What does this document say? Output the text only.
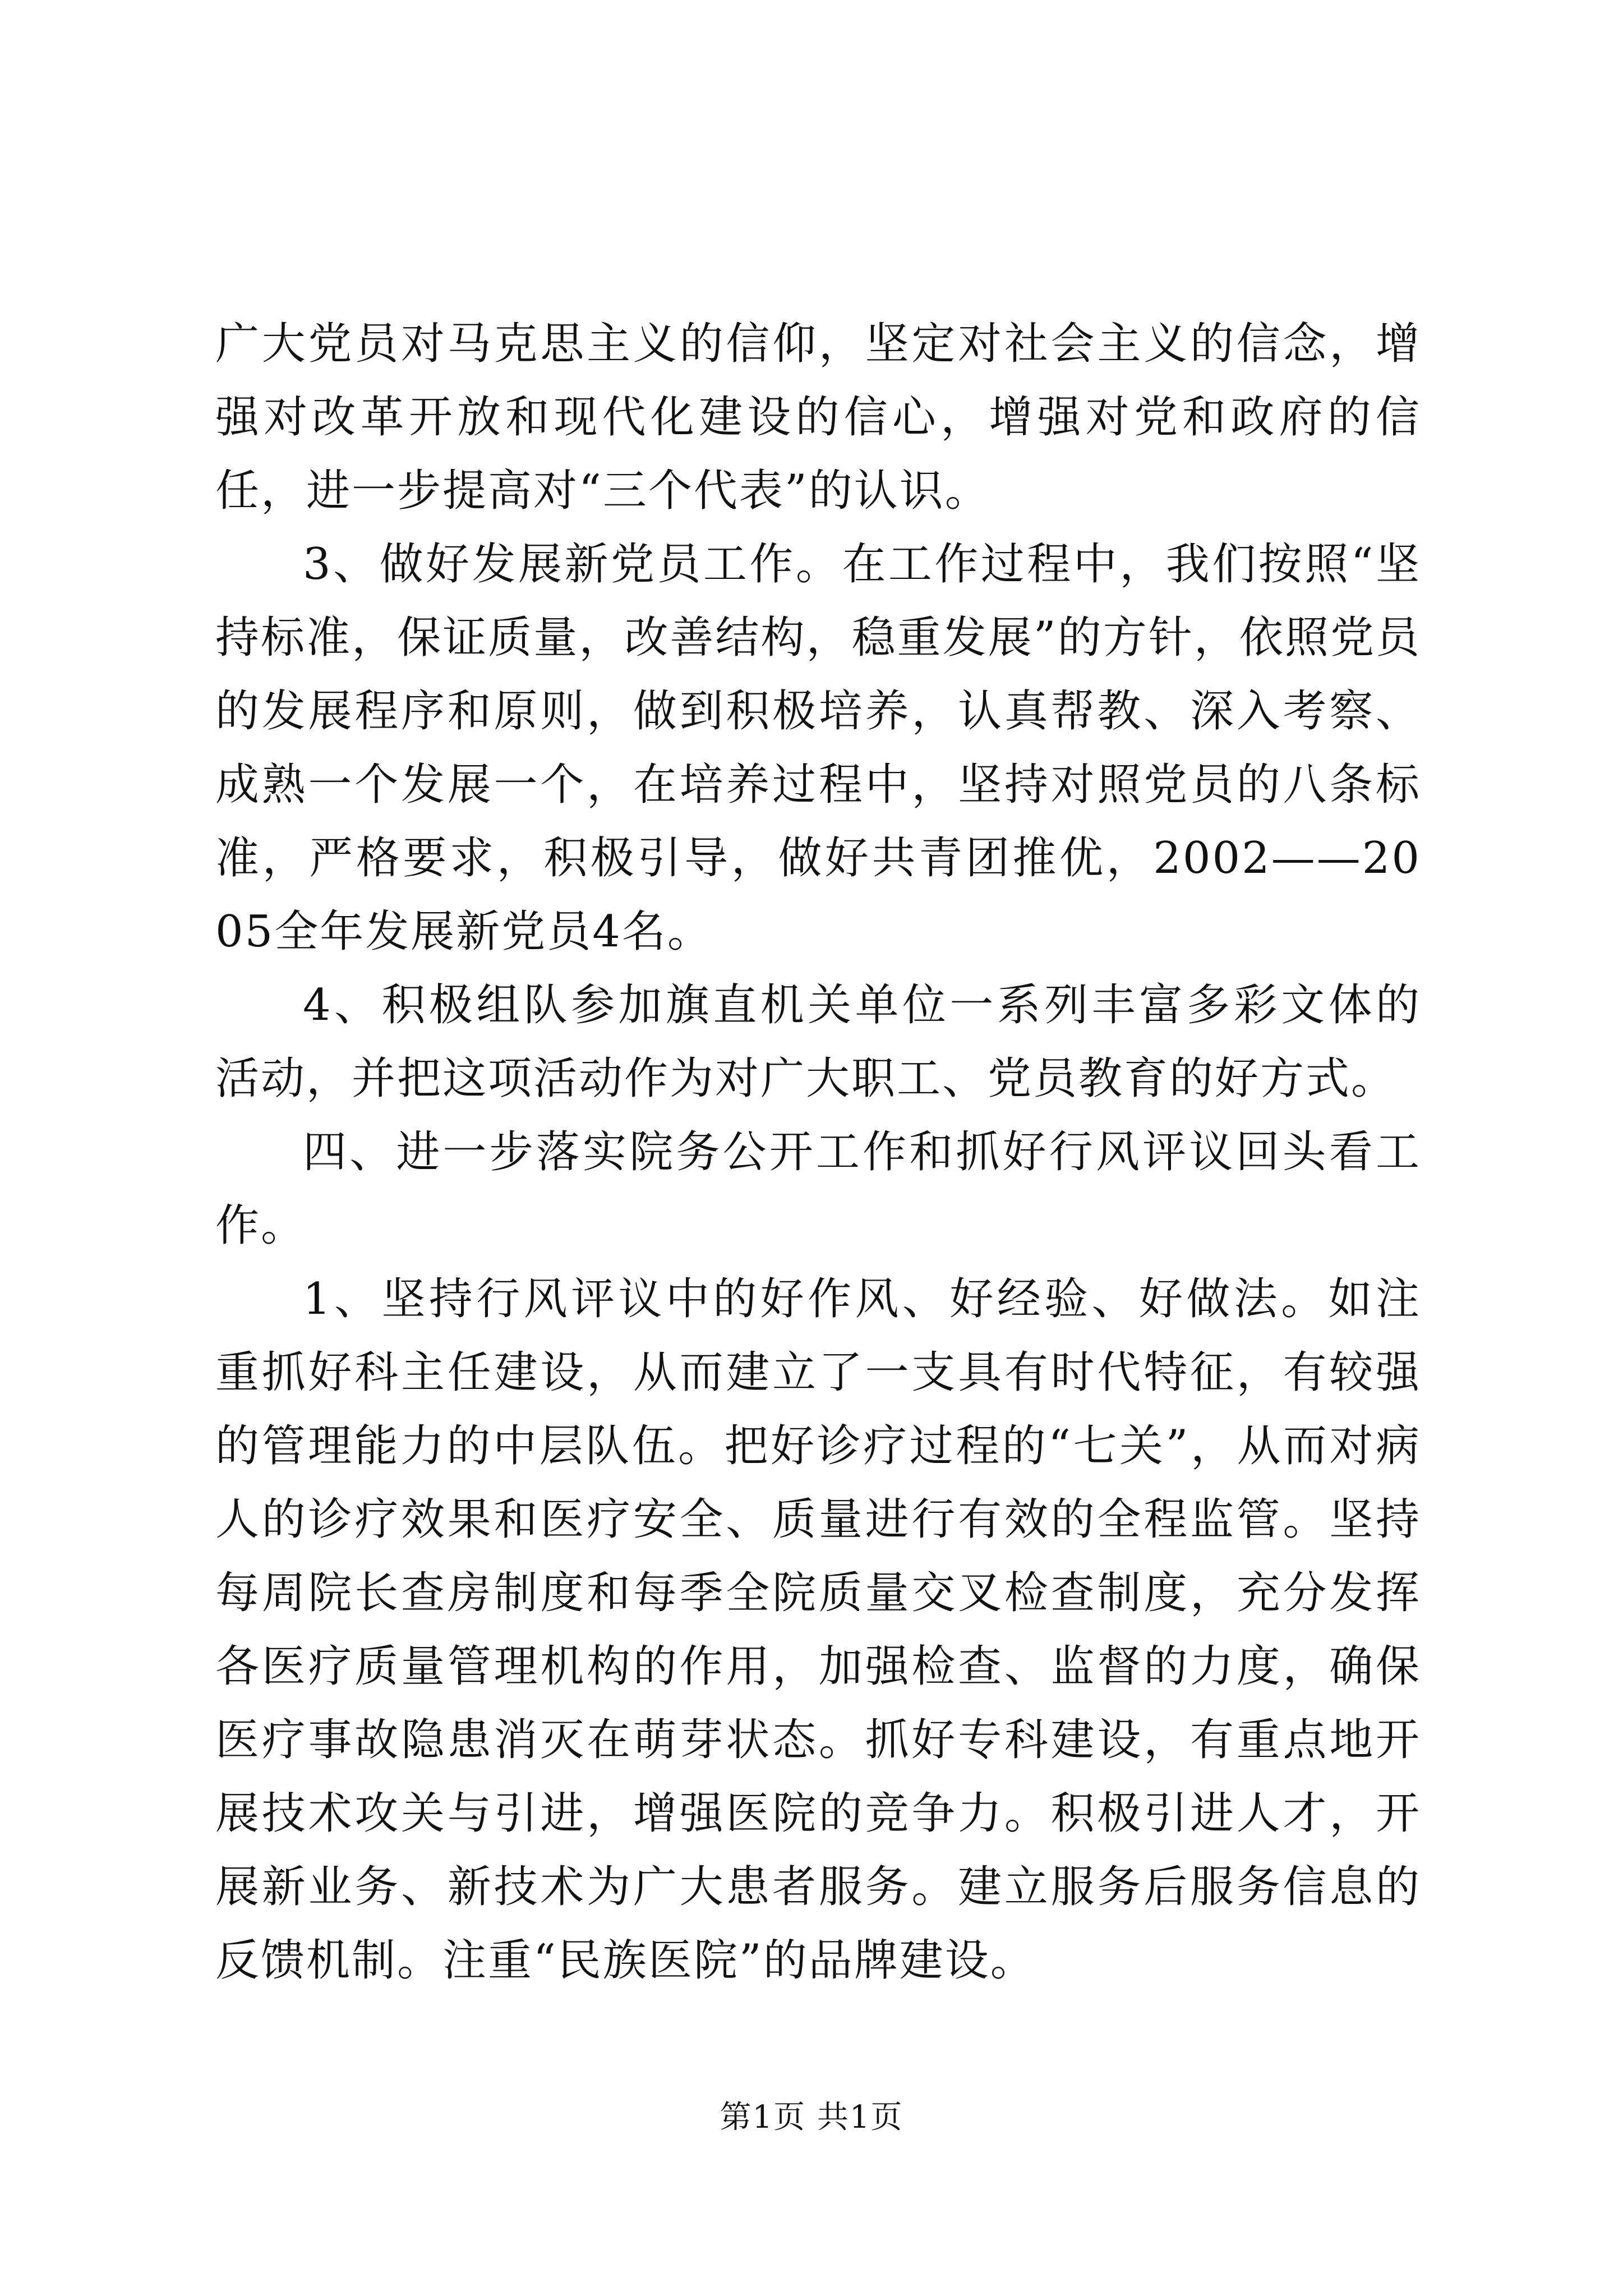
广大党员对马克思主义的信仰，坚定对社会主义的信念，增强对改革开放和现代化建设的信心，增强对党和政府的信任，进一步提高对“三个代表”的认识。

3、做好发展新党员工作。在工作过程中，我们按照“坚持标准，保证质量，改善结构，稳重发展”的方针，依照党员的发展程序和原则，做到积极培养，认真帮教、深入考察、成熟一个发展一个，在培养过程中，坚持对照党员的八条标准，严格要求，积极引导，做好共青团推优，2002——2005全年发展新党员4名。

4、积极组队参加旗直机关单位一系列丰富多彩文体的活动，并把这项活动作为对广大职工、党员教育的好方式。

四、进一步落实院务公开工作和抓好行风评议回头看工作。

1、坚持行风评议中的好作风、好经验、好做法。如注重抓好科主任建设，从而建立了一支具有时代特征，有较强的管理能力的中层队伍。把好诊疗过程的“七关”，从而对病人的诊疗效果和医疗安全、质量进行有效的全程监管。坚持每周院长查房制度和每季全院质量交叉检查制度，充分发挥各医疗质量管理机构的作用，加强检查、监督的力度，确保医疗事故隐患消灭在萌芽状态。抓好专科建设，有重点地开展技术攻关与引进，增强医院的竞争力。积极引进人才，开展新业务、新技术为广大患者服务。建立服务后服务信息的反馈机制。注重“民族医院”的品牌建设。

第1页 共1页
